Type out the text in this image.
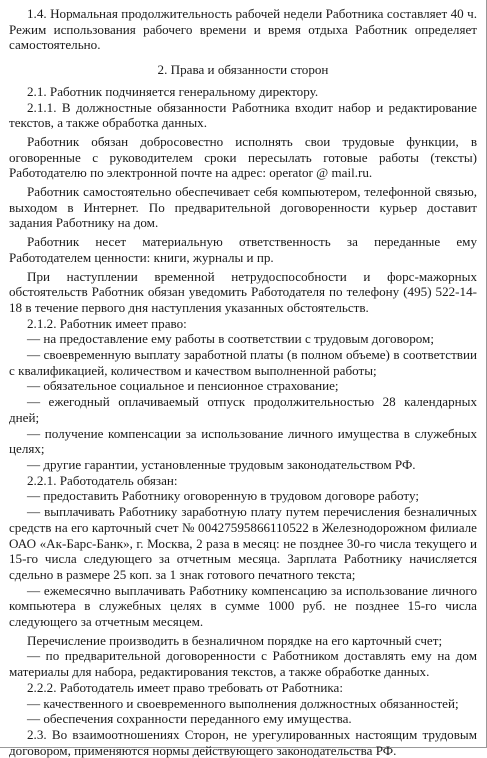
1.4. Нормальная продолжительность рабочей недели Работника составляет 40 ч. Режим использования рабочего времени и время отдыха Работник определяет самостоятельно.

2. Права и обязанности сторон

2.1. Работник подчиняется генеральному директору.

2.1.1. В должностные обязанности Работника входит набор и редактирование текстов, а также обработка данных.

Работник обязан добросовестно исполнять свои трудовые функции, в оговоренные с руководителем сроки пересылать готовые работы (тексты) Работодателю по электронной почте на адрес: operator @ mail.ru.

Работник самостоятельно обеспечивает себя компьютером, телефонной связью, выходом в Интернет. По предварительной договоренности курьер доставит задания Работнику на дом.

Работник несет материальную ответственность за переданные ему Работодателем ценности: книги, журналы и пр.

При наступлении временной нетрудоспособности и форс-мажорных обстоятельств Работник обязан уведомить Работодателя по телефону (495) 522-14-18 в течение первого дня наступления указанных обстоятельств.

2.1.2. Работник имеет право:

— на предоставление ему работы в соответствии с трудовым договором;

— своевременную выплату заработной платы (в полном объеме) в соответствии с квалификацией, количеством и качеством выполненной работы;

— обязательное социальное и пенсионное страхование;

— ежегодный оплачиваемый отпуск продолжительностью 28 календарных дней;

— получение компенсации за использование личного имущества в служебных целях;

— другие гарантии, установленные трудовым законодательством РФ.

2.2.1. Работодатель обязан:

— предоставить Работнику оговоренную в трудовом договоре работу;

— выплачивать Работнику заработную плату путем перечисления безналичных средств на его карточный счет № 00427595866110522 в Железнодорожном филиале ОАО «Ак-Барс-Банк», г. Москва, 2 раза в месяц: не позднее 30-го числа текущего и 15-го числа следующего за отчетным месяца. Зарплата Работнику начисляется сдельно в размере 25 коп. за 1 знак готового печатного текста;

— ежемесячно выплачивать Работнику компенсацию за использование личного компьютера в служебных целях в сумме 1000 руб. не позднее 15-го числа следующего за отчетным месяцем.

Перечисление производить в безналичном порядке на его карточный счет;

— по предварительной договоренности с Работником доставлять ему на дом материалы для набора, редактирования текстов, а также обработке данных.

2.2.2. Работодатель имеет право требовать от Работника:

— качественного и своевременного выполнения должностных обязанностей;

— обеспечения сохранности переданного ему имущества.

2.3. Во взаимоотношениях Сторон, не урегулированных настоящим трудовым договором, применяются нормы действующего законодательства РФ.
